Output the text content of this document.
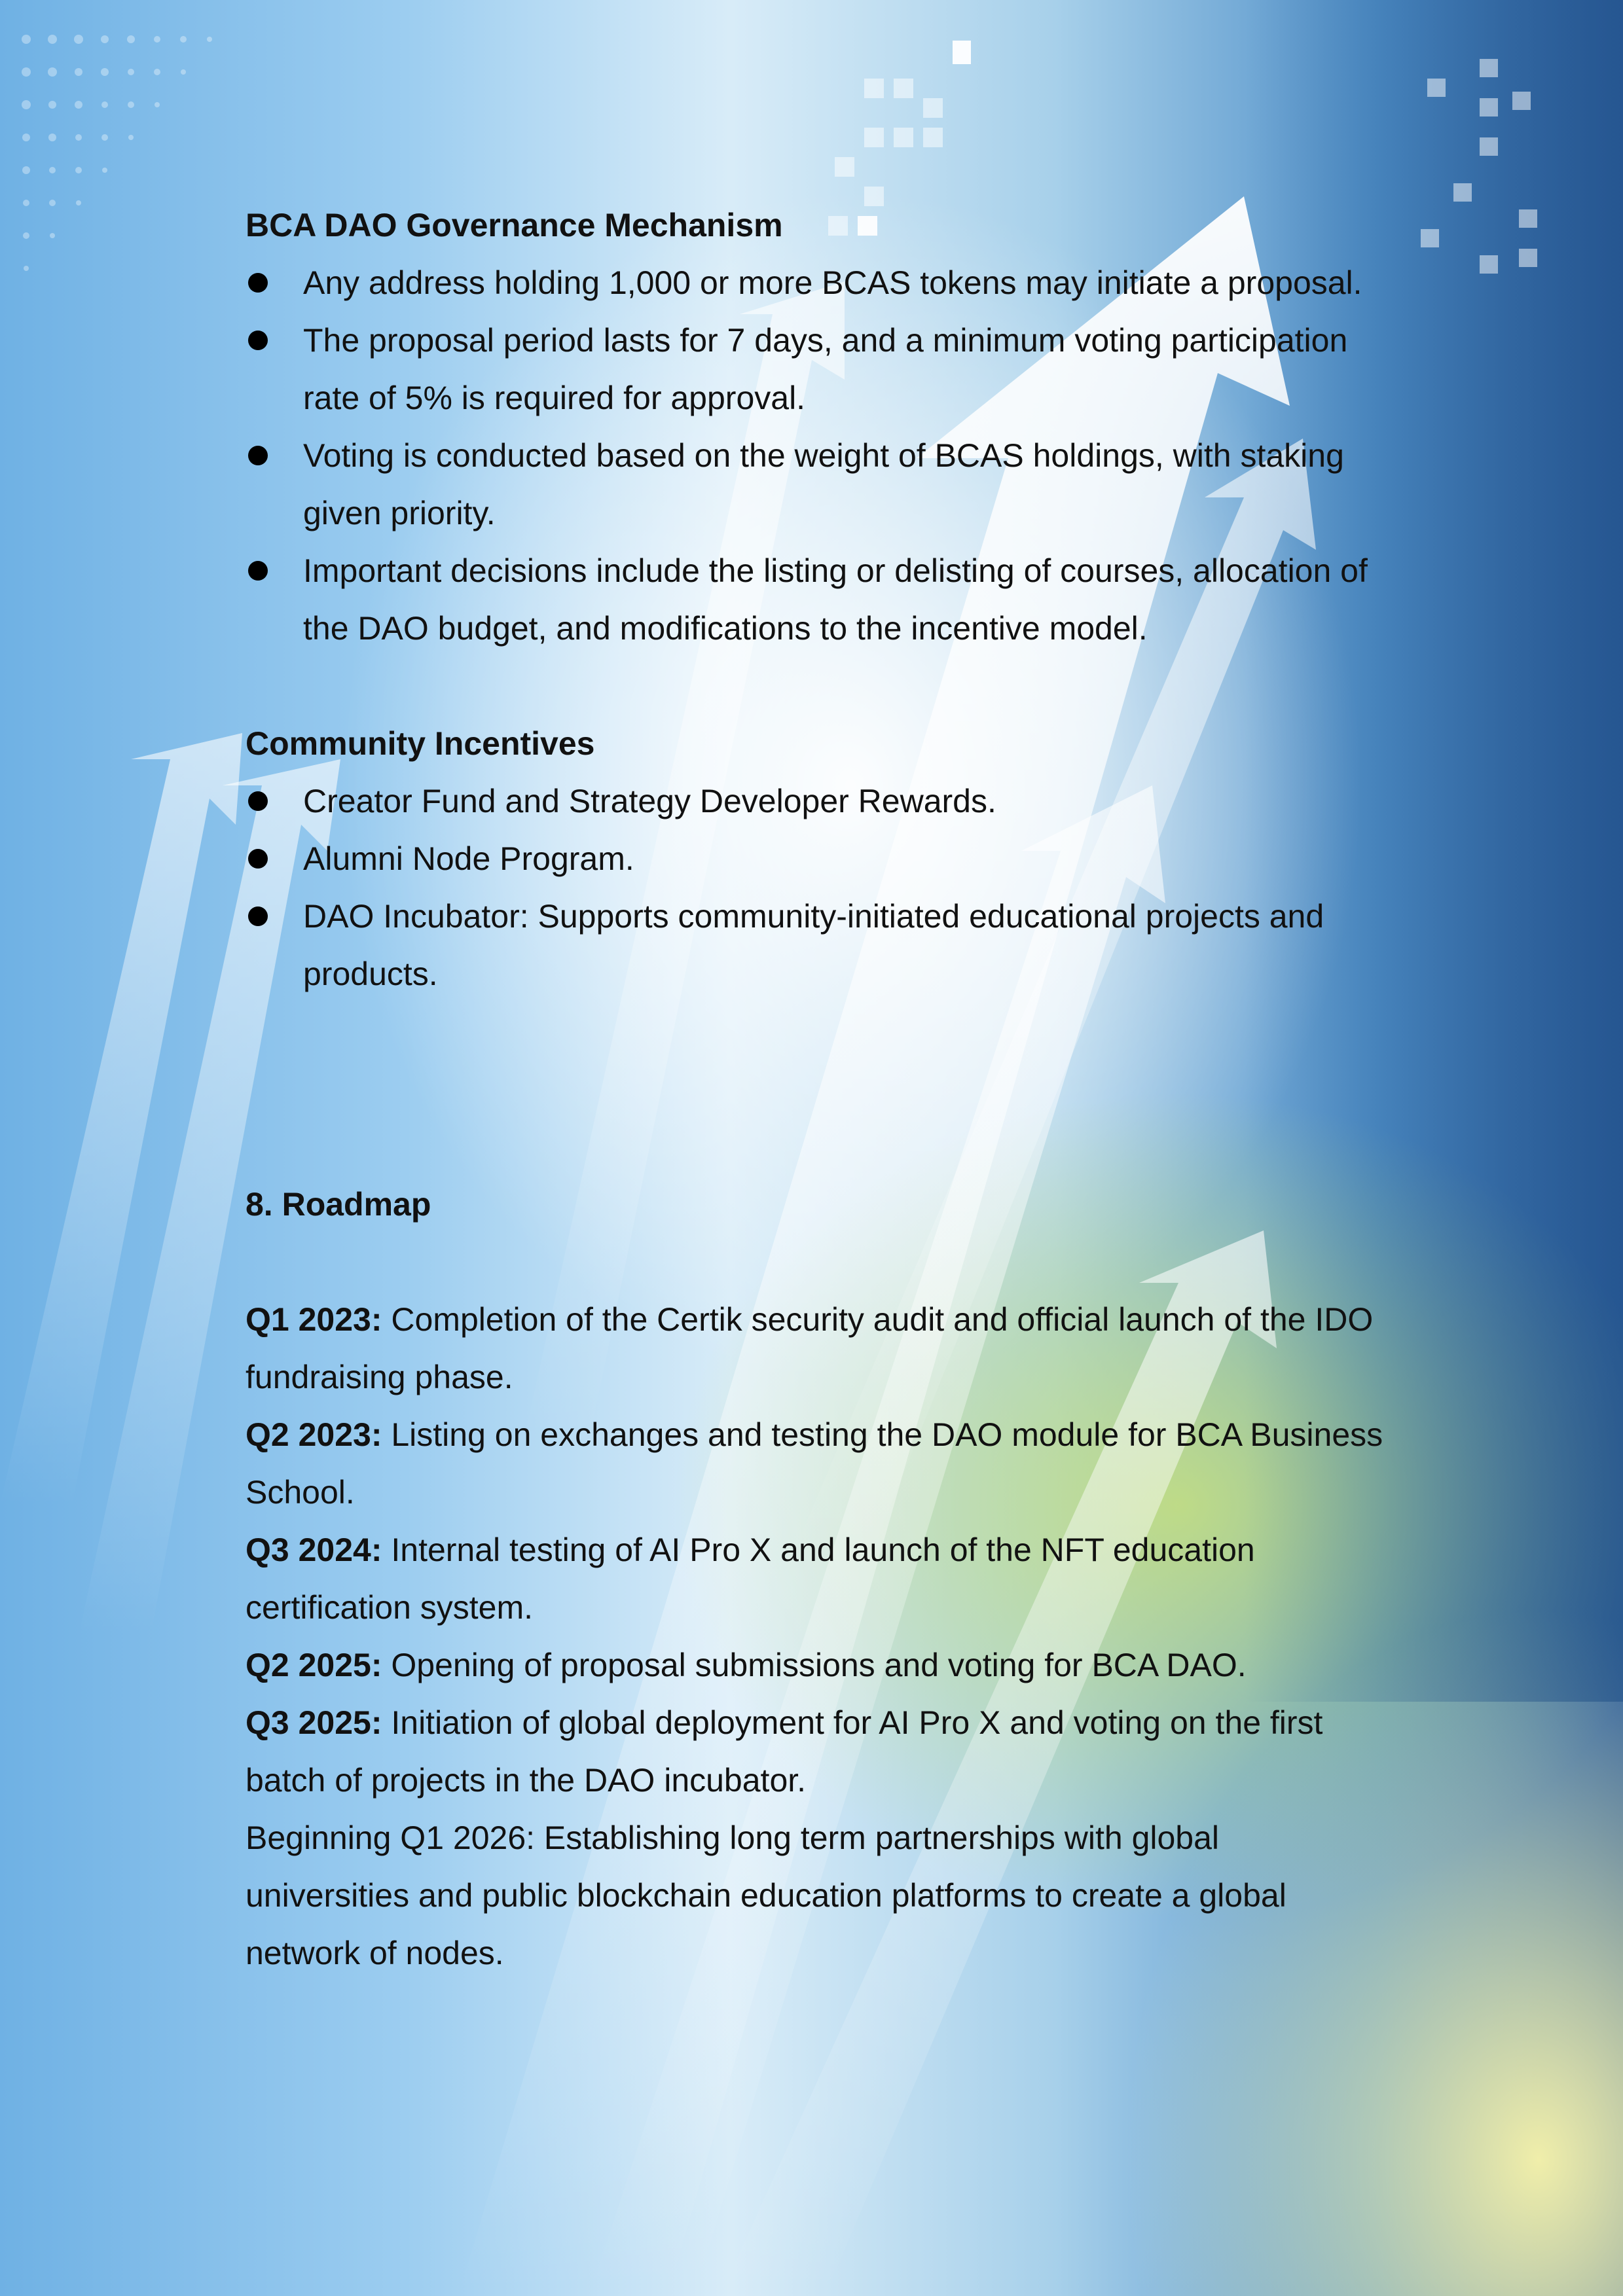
BCA DAO Governance Mechanism

Any address holding 1,000 or more BCAS tokens may initiate a proposal.
The proposal period lasts for 7 days, and a minimum voting participation rate of 5% is required for approval.
Voting is conducted based on the weight of BCAS holdings, with staking given priority.
Important decisions include the listing or delisting of courses, allocation of the DAO budget, and modifications to the incentive model.

Community Incentives

Creator Fund and Strategy Developer Rewards.
Alumni Node Program.
DAO Incubator: Supports community-initiated educational projects and products.

8. Roadmap

Q1 2023: Completion of the Certik security audit and official launch of the IDO fundraising phase.

Q2 2023: Listing on exchanges and testing the DAO module for BCA Business School.

Q3 2024: Internal testing of AI Pro X and launch of the NFT education certification system.

Q2 2025: Opening of proposal submissions and voting for BCA DAO.

Q3 2025: Initiation of global deployment for AI Pro X and voting on the first batch of projects in the DAO incubator.

Beginning Q1 2026: Establishing long term partnerships with global universities and public blockchain education platforms to create a global network of nodes.
